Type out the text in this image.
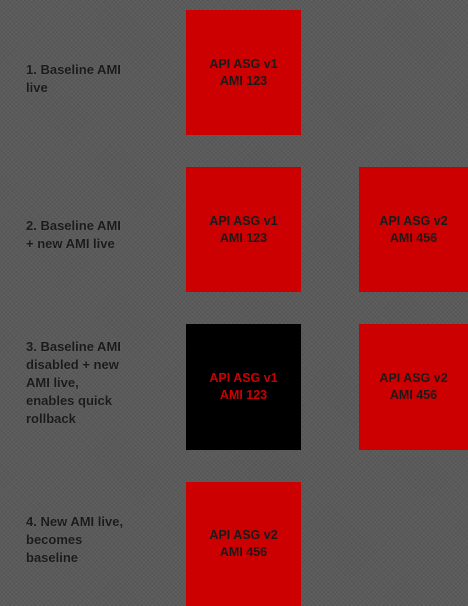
1. Baseline AMI
live
API ASG v1
AMI 123
2. Baseline AMI
+ new AMI live
API ASG v1
AMI 123
API ASG v2
AMI 456
3. Baseline AMI
disabled + new
AMI live,
enables quick
rollback
API ASG v1
AMI 123
API ASG v2
AMI 456
4. New AMI live,
becomes
baseline
API ASG v2
AMI 456
